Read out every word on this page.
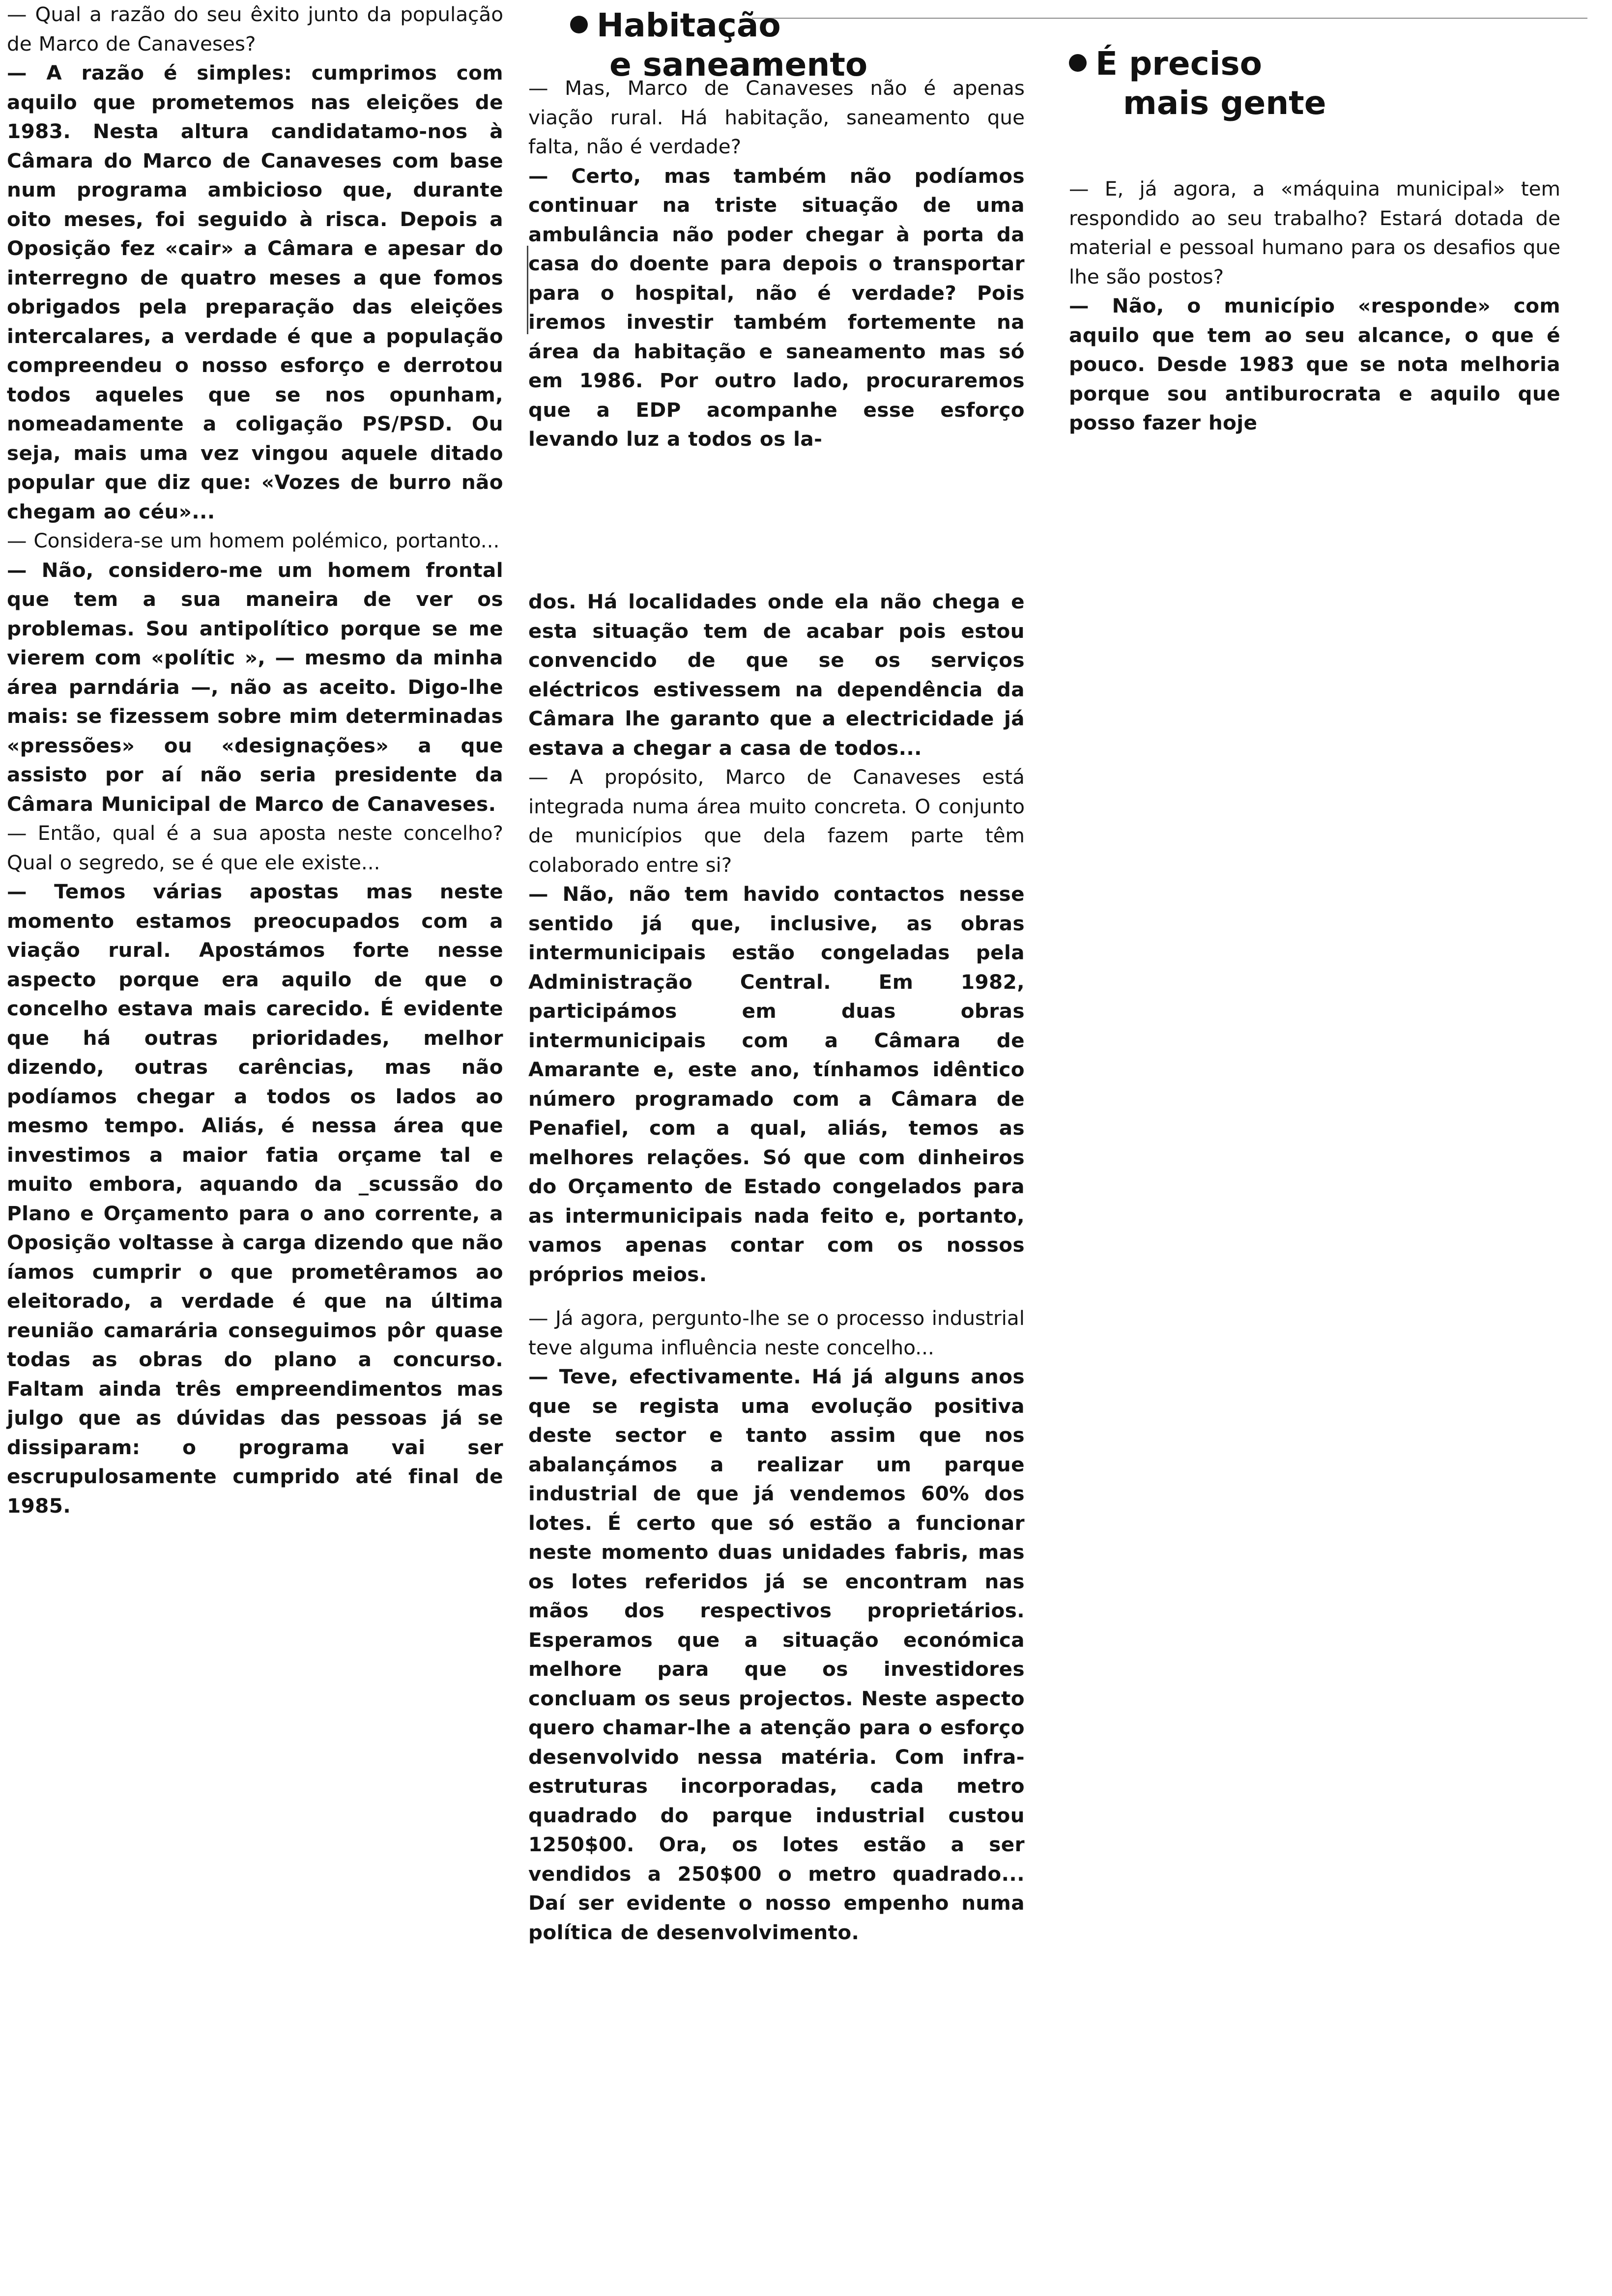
Habitação
e saneamento	É preciso
mais gente

— Qual a razão do seu êxito junto da população de Marco de Canaveses?

— A razão é simples: cumprimos com aquilo que prometemos nas eleições de 1983. Nesta altura candidatamo-nos à Câmara do Marco de Canaveses com base num programa ambicioso que, durante oito meses, foi seguido à risca. Depois a Oposição fez «cair» a Câmara e apesar do interregno de quatro meses a que fomos obrigados pela preparação das eleições intercalares, a verdade é que a população compreendeu o nosso esforço e derrotou todos aqueles que se nos opunham, nomeadamente a coligação PS/PSD. Ou seja, mais uma vez vingou aquele ditado popular que diz que: «Vozes de burro não chegam ao céu»...

— Considera-se um homem polémico, portanto...

— Não, considero-me um homem frontal que tem a sua maneira de ver os problemas. Sou antipolítico porque se me vierem com «polític », — mesmo da minha área parndária —, não as aceito. Digo-lhe mais: se fizessem sobre mim determinadas «pressões» ou «designações» a que assisto por aí não seria presidente da Câmara Municipal de Marco de Canaveses.

— Então, qual é a sua aposta neste concelho? Qual o segredo, se é que ele existe...

— Temos várias apostas mas neste momento estamos preocupados com a viação rural. Apostámos forte nesse aspecto porque era aquilo de que o concelho estava mais carecido. É evidente que há outras prioridades, melhor dizendo, outras carências, mas não podíamos chegar a todos os lados ao mesmo tempo. Aliás, é nessa área que investimos a maior fatia orçame tal e muito embora, aquando da _scussão do Plano e Orçamento para o ano corrente, a Oposição voltasse à carga dizendo que não íamos cumprir o que prometêramos ao eleitorado, a verdade é que na última reunião camarária conseguimos pôr quase todas as obras do plano a concurso. Faltam ainda três empreendimentos mas julgo que as dúvidas das pessoas já se dissiparam: o programa vai ser escrupulosamente cumprido até final de 1985.

— Mas, Marco de Canaveses não é apenas viação rural. Há habitação, saneamento que falta, não é verdade?

— Certo, mas também não podíamos continuar na triste situação de uma ambulância não poder chegar à porta da casa do doente para depois o transportar para o hospital, não é verdade? Pois iremos investir também fortemente na área da habitação e saneamento mas só em 1986. Por outro lado, procuraremos que a EDP acompanhe esse esforço levando luz a todos os la-

dos. Há localidades onde ela não chega e esta situação tem de acabar pois estou convencido de que se os serviços eléctricos estivessem na dependência da Câmara lhe garanto que a electricidade já estava a chegar a casa de todos...

— A propósito, Marco de Canaveses está integrada numa área muito concreta. O conjunto de municípios que dela fazem parte têm colaborado entre si?

— Não, não tem havido contactos nesse sentido já que, inclusive, as obras intermunicipais estão congeladas pela Administração Central. Em 1982, participámos em duas obras intermunicipais com a Câmara de Amarante e, este ano, tínhamos idêntico número programado com a Câmara de Penafiel, com a qual, aliás, temos as melhores relações. Só que com dinheiros do Orçamento de Estado congelados para as intermunicipais nada feito e, portanto, vamos apenas contar com os nossos próprios meios.

— Já agora, pergunto-lhe se o processo industrial teve alguma influência neste concelho...

— Teve, efectivamente. Há já alguns anos que se regista uma evolução positiva deste sector e tanto assim que nos abalançámos a realizar um parque industrial de que já vendemos 60% dos lotes. É certo que só estão a funcionar neste momento duas unidades fabris, mas os lotes referidos já se encontram nas mãos dos respectivos proprietários. Esperamos que a situação económica melhore para que os investidores concluam os seus projectos. Neste aspecto quero chamar-lhe a atenção para o esforço desenvolvido nessa matéria. Com infra-estruturas incorporadas, cada metro quadrado do parque industrial custou 1250$00. Ora, os lotes estão a ser vendidos a 250$00 o metro quadrado... Daí ser evidente o nosso empenho numa política de desenvolvimento.

— E, já agora, a «máquina municipal» tem respondido ao seu trabalho? Estará dotada de material e pessoal humano para os desafios que lhe são postos?

— Não, o município «responde» com aquilo que tem ao seu alcance, o que é pouco. Desde 1983 que se nota melhoria porque sou antiburocrata e aquilo que posso fazer hoje
